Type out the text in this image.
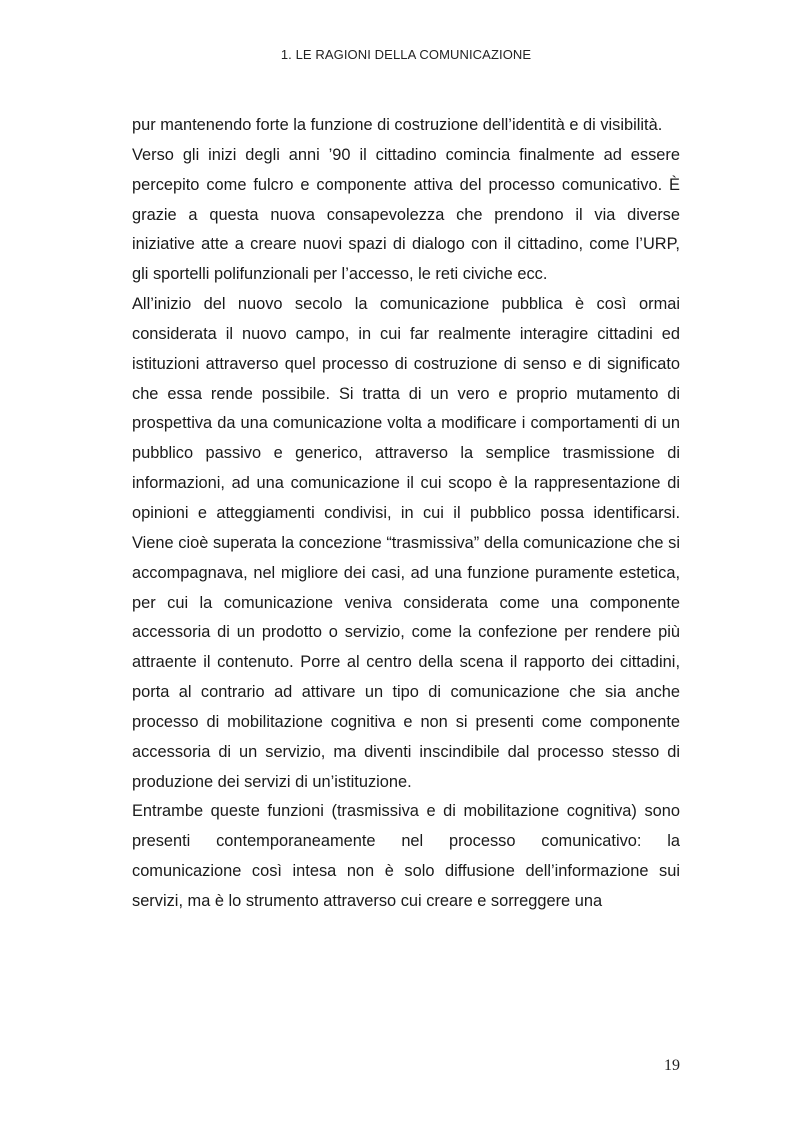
1. LE RAGIONI DELLA COMUNICAZIONE

pur mantenendo forte la funzione di costruzione dell’identità e di visibilità.

Verso gli inizi degli anni ’90 il cittadino comincia finalmente ad essere percepito come fulcro e componente attiva del processo comunicativo. È grazie a questa nuova consapevolezza che prendono il via diverse iniziative atte a creare nuovi spazi di dialogo con il cittadino, come l’URP, gli sportelli polifunzionali per l’accesso, le reti civiche ecc.

All’inizio del nuovo secolo la comunicazione pubblica è così ormai considerata il nuovo campo, in cui far realmente interagire cittadini ed istituzioni attraverso quel processo di costruzione di senso e di significato che essa rende possibile. Si tratta di un vero e proprio mutamento di prospettiva da una comunicazione volta a modificare i comportamenti di un pubblico passivo e generico, attraverso la semplice trasmissione di informazioni, ad una comunicazione il cui scopo è la rappresentazione di opinioni e atteggiamenti condivisi, in cui il pubblico possa identificarsi. Viene cioè superata la concezione “trasmissiva” della comunicazione che si accompagnava, nel migliore dei casi, ad una funzione puramente estetica, per cui la comunicazione veniva considerata come una componente accessoria di un prodotto o servizio, come la confezione per rendere più attraente il contenuto. Porre al centro della scena il rapporto dei cittadini, porta al contrario ad attivare un tipo di comunicazione che sia anche processo di mobilitazione cognitiva e non si presenti come componente accessoria di un servizio, ma diventi inscindibile dal processo stesso di produzione dei servizi di un’istituzione.

Entrambe queste funzioni (trasmissiva e di mobilitazione cognitiva) sono presenti contemporaneamente nel processo comunicativo: la comunicazione così intesa non è solo diffusione dell’informazione sui servizi, ma è lo strumento attraverso cui creare e sorreggere una

19
